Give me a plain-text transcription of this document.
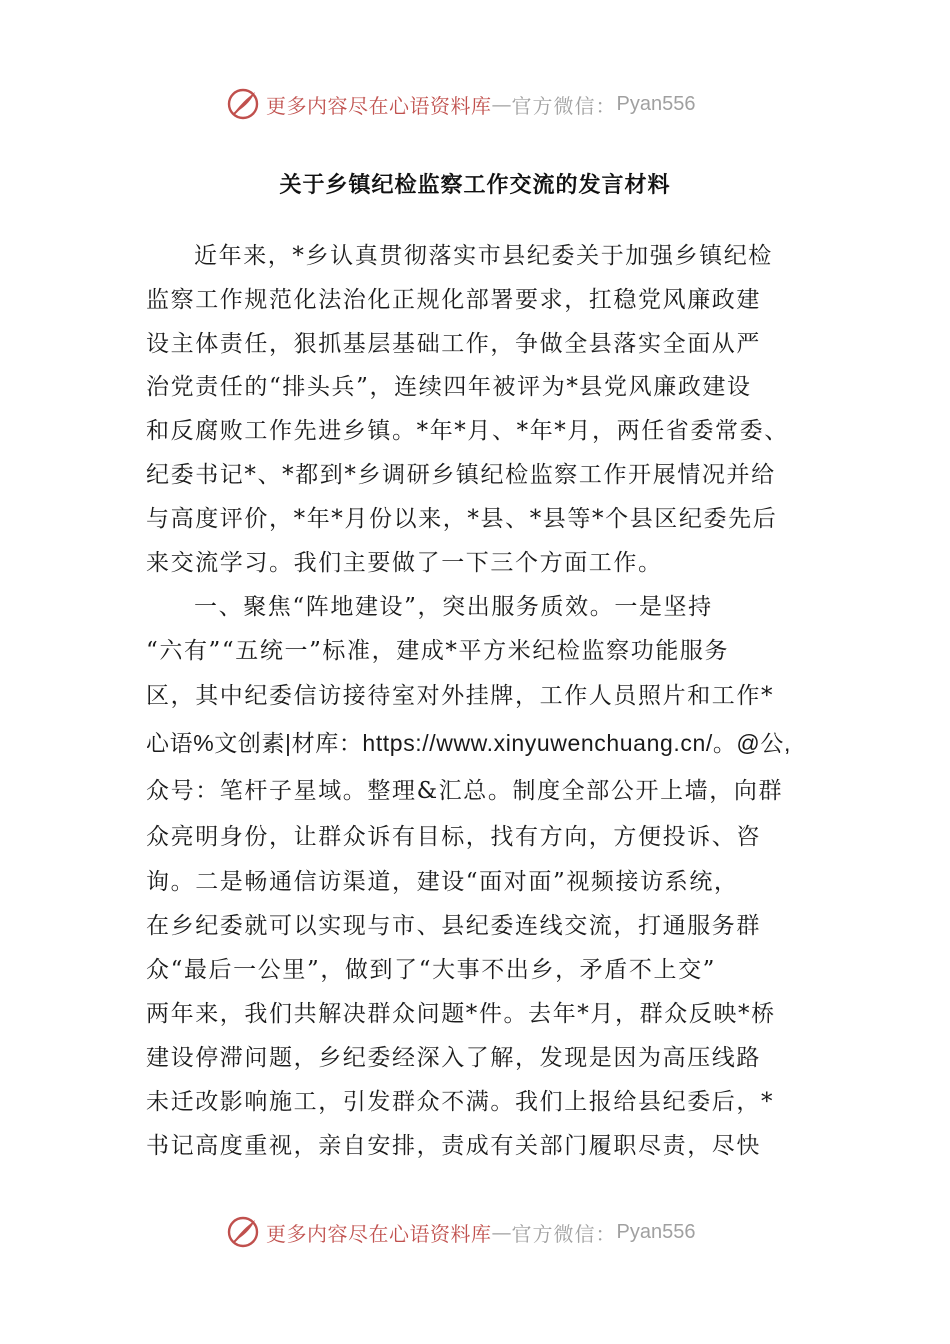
更多内容尽在心语资料库 — 官方微信： Pyan556
关于乡镇纪检监察工作交流的发言材料
近年来，*乡认真贯彻落实市县纪委关于加强乡镇纪检
监察工作规范化法治化正规化部署要求，扛稳党风廉政建
设主体责任，狠抓基层基础工作，争做全县落实全面从严
治党责任的“排头兵”，连续四年被评为*县党风廉政建设
和反腐败工作先进乡镇。*年*月、*年*月，两任省委常委、
纪委书记*、*都到*乡调研乡镇纪检监察工作开展情况并给
与高度评价，*年*月份以来，*县、*县等*个县区纪委先后
来交流学习。我们主要做了一下三个方面工作。
一、聚焦“阵地建设”，突出服务质效。一是坚持
“六有”“五统一”标准，建成*平方米纪检监察功能服务
区，其中纪委信访接待室对外挂牌，工作人员照片和工作*
心语%文创素|材库：https://www.xinyuwenchuang.cn/。@公,
众号：笔杆子星域。整理&汇总。制度全部公开上墙，向群
众亮明身份，让群众诉有目标，找有方向，方便投诉、咨
询。二是畅通信访渠道，建设“面对面”视频接访系统，
在乡纪委就可以实现与市、县纪委连线交流，打通服务群
众“最后一公里”，做到了“大事不出乡，矛盾不上交”
两年来，我们共解决群众问题*件。去年*月，群众反映*桥
建设停滞问题，乡纪委经深入了解，发现是因为高压线路
未迁改影响施工，引发群众不满。我们上报给县纪委后，*
书记高度重视，亲自安排，责成有关部门履职尽责，尽快
更多内容尽在心语资料库 — 官方微信： Pyan556
